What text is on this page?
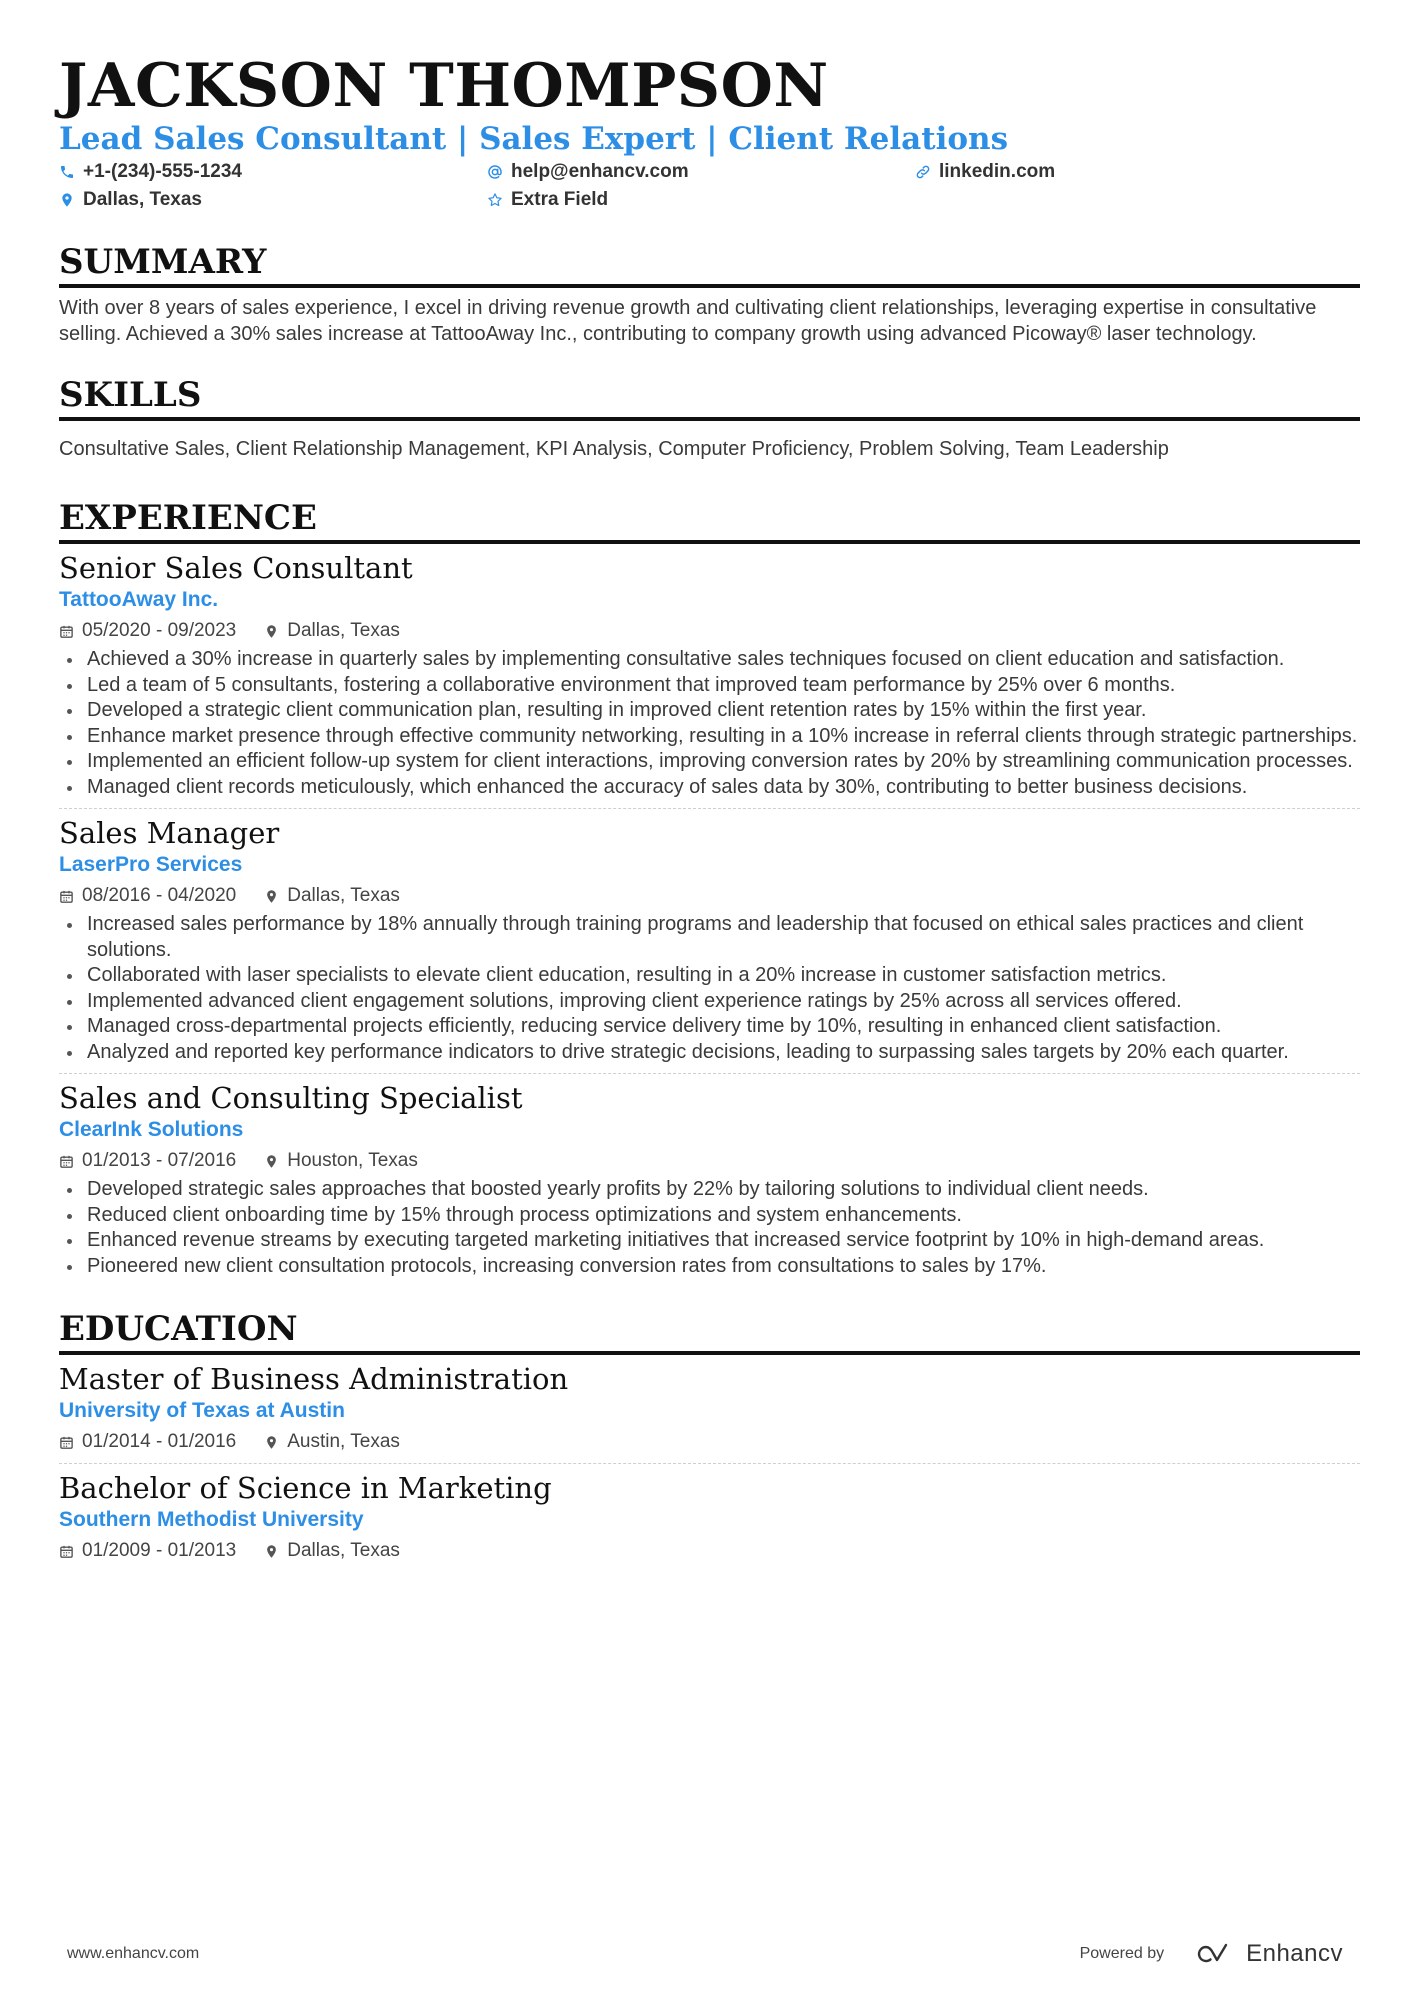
JACKSON THOMPSON
Lead Sales Consultant | Sales Expert | Client Relations
+1-(234)-555-1234	help@enhancv.com	linkedin.com
Dallas, Texas	Extra Field
SUMMARY
With over 8 years of sales experience, I excel in driving revenue growth and cultivating client relationships, leveraging expertise in consultative selling. Achieved a 30% sales increase at TattooAway Inc., contributing to company growth using advanced Picoway® laser technology.
SKILLS
Consultative Sales, Client Relationship Management, KPI Analysis, Computer Proficiency, Problem Solving, Team Leadership
EXPERIENCE
Senior Sales Consultant
TattooAway Inc.
05/2020 - 09/2023	Dallas, Texas
Achieved a 30% increase in quarterly sales by implementing consultative sales techniques focused on client education and satisfaction.
Led a team of 5 consultants, fostering a collaborative environment that improved team performance by 25% over 6 months.
Developed a strategic client communication plan, resulting in improved client retention rates by 15% within the first year.
Enhance market presence through effective community networking, resulting in a 10% increase in referral clients through strategic partnerships.
Implemented an efficient follow-up system for client interactions, improving conversion rates by 20% by streamlining communication processes.
Managed client records meticulously, which enhanced the accuracy of sales data by 30%, contributing to better business decisions.
Sales Manager
LaserPro Services
08/2016 - 04/2020	Dallas, Texas
Increased sales performance by 18% annually through training programs and leadership that focused on ethical sales practices and client solutions.
Collaborated with laser specialists to elevate client education, resulting in a 20% increase in customer satisfaction metrics.
Implemented advanced client engagement solutions, improving client experience ratings by 25% across all services offered.
Managed cross-departmental projects efficiently, reducing service delivery time by 10%, resulting in enhanced client satisfaction.
Analyzed and reported key performance indicators to drive strategic decisions, leading to surpassing sales targets by 20% each quarter.
Sales and Consulting Specialist
ClearInk Solutions
01/2013 - 07/2016	Houston, Texas
Developed strategic sales approaches that boosted yearly profits by 22% by tailoring solutions to individual client needs.
Reduced client onboarding time by 15% through process optimizations and system enhancements.
Enhanced revenue streams by executing targeted marketing initiatives that increased service footprint by 10% in high-demand areas.
Pioneered new client consultation protocols, increasing conversion rates from consultations to sales by 17%.
EDUCATION
Master of Business Administration
University of Texas at Austin
01/2014 - 01/2016	Austin, Texas
Bachelor of Science in Marketing
Southern Methodist University
01/2009 - 01/2013	Dallas, Texas
www.enhancv.com	Powered by	Enhancv
